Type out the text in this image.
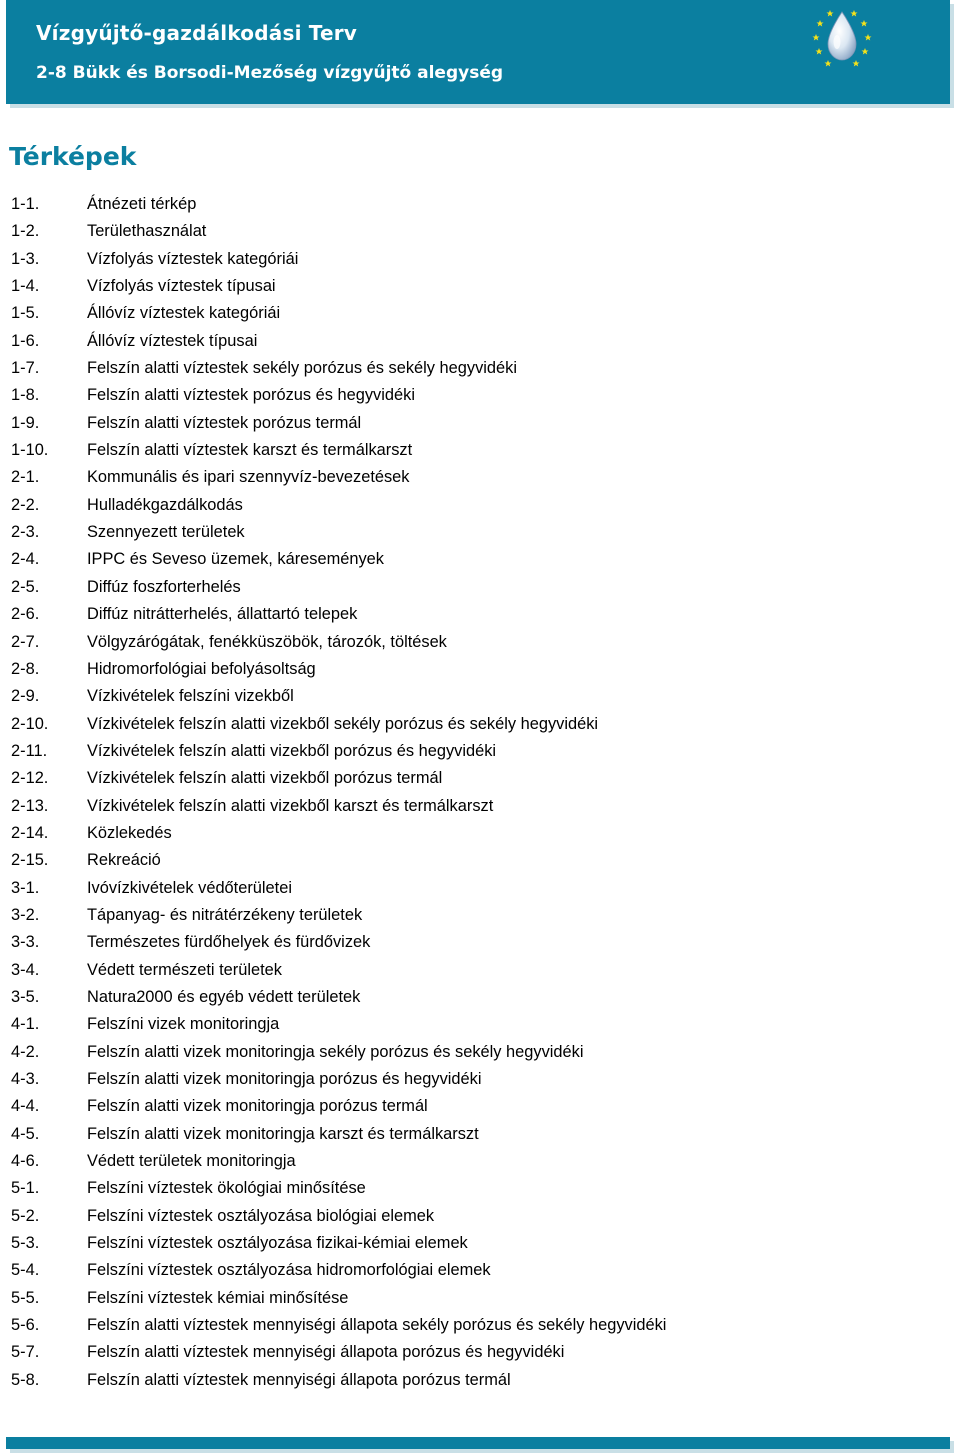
Vízgyűjtő-gazdálkodási Terv
2-8 Bükk és Borsodi-Mezőség vízgyűjtő alegység
Térképek
1-1.	Átnézeti térkép
1-2.	Területhasználat
1-3.	Vízfolyás víztestek kategóriái
1-4.	Vízfolyás víztestek típusai
1-5.	Állóvíz víztestek kategóriái
1-6.	Állóvíz víztestek típusai
1-7.	Felszín alatti víztestek sekély porózus és sekély hegyvidéki
1-8.	Felszín alatti víztestek porózus és hegyvidéki
1-9.	Felszín alatti víztestek porózus termál
1-10.	Felszín alatti víztestek karszt és termálkarszt
2-1.	Kommunális és ipari szennyvíz-bevezetések
2-2.	Hulladékgazdálkodás
2-3.	Szennyezett területek
2-4.	IPPC és Seveso üzemek, káresemények
2-5.	Diffúz foszforterhelés
2-6.	Diffúz nitrátterhelés, állattartó telepek
2-7.	Völgyzárógátak, fenékküszöbök, tározók, töltések
2-8.	Hidromorfológiai befolyásoltság
2-9.	Vízkivételek felszíni vizekből
2-10.	Vízkivételek felszín alatti vizekből sekély porózus és sekély hegyvidéki
2-11.	Vízkivételek felszín alatti vizekből porózus és hegyvidéki
2-12.	Vízkivételek felszín alatti vizekből porózus termál
2-13.	Vízkivételek felszín alatti vizekből karszt és termálkarszt
2-14.	Közlekedés
2-15.	Rekreáció
3-1.	Ivóvízkivételek védőterületei
3-2.	Tápanyag- és nitrátérzékeny területek
3-3.	Természetes fürdőhelyek és fürdővizek
3-4.	Védett természeti területek
3-5.	Natura2000 és egyéb védett területek
4-1.	Felszíni vizek monitoringja
4-2.	Felszín alatti vizek monitoringja sekély porózus és sekély hegyvidéki
4-3.	Felszín alatti vizek monitoringja porózus és hegyvidéki
4-4.	Felszín alatti vizek monitoringja porózus termál
4-5.	Felszín alatti vizek monitoringja karszt és termálkarszt
4-6.	Védett területek monitoringja
5-1.	Felszíni víztestek ökológiai minősítése
5-2.	Felszíni víztestek osztályozása biológiai elemek
5-3.	Felszíni víztestek osztályozása fizikai-kémiai elemek
5-4.	Felszíni víztestek osztályozása hidromorfológiai elemek
5-5.	Felszíni víztestek kémiai minősítése
5-6.	Felszín alatti víztestek mennyiségi állapota sekély porózus és sekély hegyvidéki
5-7.	Felszín alatti víztestek mennyiségi állapota porózus és hegyvidéki
5-8.	Felszín alatti víztestek mennyiségi állapota porózus termál
